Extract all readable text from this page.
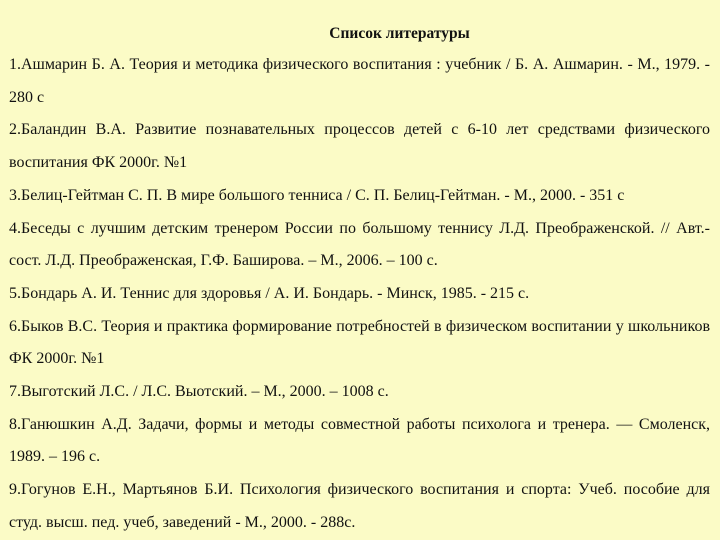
Список литературы

1.Ашмарин Б. А. Теория и методика физического воспитания : учебник / Б. А. Ашмарин. - М., 1979. - 280 с

2.Баландин В.А. Развитие познавательных процессов детей с 6-10 лет средствами физического воспитания ФК 2000г. №1

3.Белиц-Гейтман С. П. В мире большого тенниса / С. П. Белиц-Гейтман. - М., 2000. - 351 с

4.Беседы с лучшим детским тренером России по большому теннису Л.Д. Преображенской. // Авт.-сост. Л.Д. Преображенская, Г.Ф. Баширова. – М., 2006. – 100 с.

5.Бондарь А. И. Теннис для здоровья / А. И. Бондарь. - Минск, 1985. - 215 с.

6.Быков В.С. Теория и практика формирование потребностей в физическом воспитании у школьников ФК 2000г. №1

7.Выготский Л.С. / Л.С. Выотский. – М., 2000. – 1008 с.

8.Ганюшкин А.Д. Задачи, формы и методы совместной работы психолога и тренера. — Смоленск, 1989. – 196 с.

9.Гогунов Е.Н., Мартьянов Б.И. Психология физического воспитания и спорта: Учеб. пособие для студ. высш. пед. учеб, заведений - М., 2000. - 288с.
